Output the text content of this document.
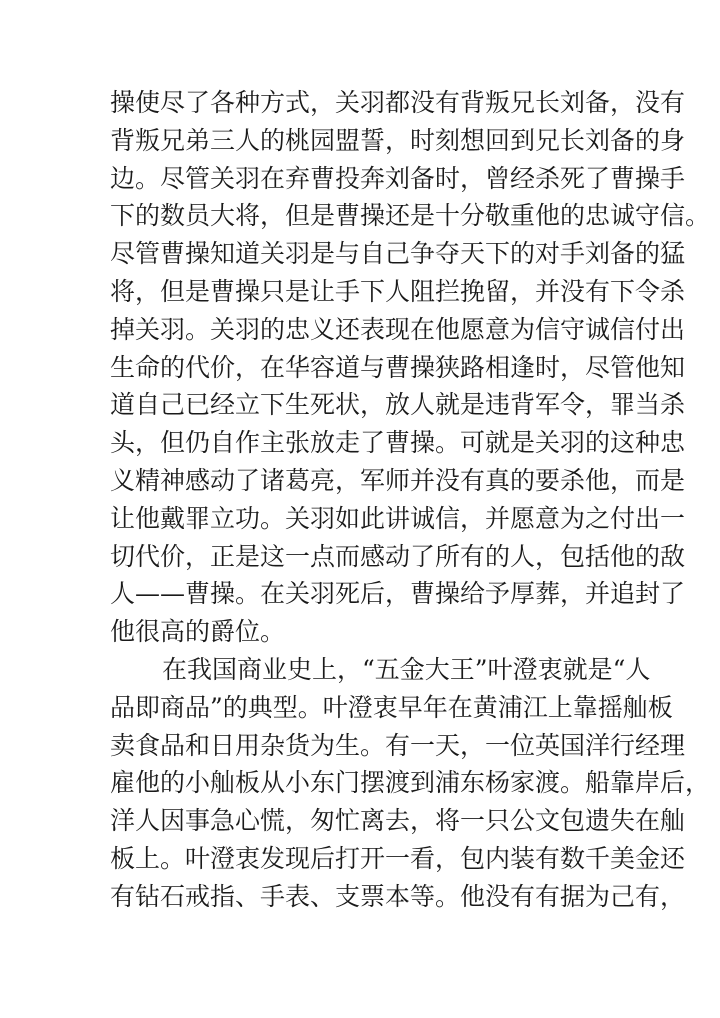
操使尽了各种方式，关羽都没有背叛兄长刘备，没有
背叛兄弟三人的桃园盟誓，时刻想回到兄长刘备的身
边。尽管关羽在弃曹投奔刘备时，曾经杀死了曹操手
下的数员大将，但是曹操还是十分敬重他的忠诚守信。
尽管曹操知道关羽是与自己争夺天下的对手刘备的猛
将，但是曹操只是让手下人阻拦挽留，并没有下令杀
掉关羽。关羽的忠义还表现在他愿意为信守诚信付出
生命的代价，在华容道与曹操狭路相逢时，尽管他知
道自己已经立下生死状，放人就是违背军令，罪当杀
头，但仍自作主张放走了曹操。可就是关羽的这种忠
义精神感动了诸葛亮，军师并没有真的要杀他，而是
让他戴罪立功。关羽如此讲诚信，并愿意为之付出一
切代价，正是这一点而感动了所有的人，包括他的敌
人——曹操。在关羽死后，曹操给予厚葬，并追封了
他很高的爵位。
在我国商业史上，“五金大王”叶澄衷就是“人
品即商品”的典型。叶澄衷早年在黄浦江上靠摇舢板
卖食品和日用杂货为生。有一天，一位英国洋行经理
雇他的小舢板从小东门摆渡到浦东杨家渡。船靠岸后，
洋人因事急心慌，匆忙离去，将一只公文包遗失在舢
板上。叶澄衷发现后打开一看，包内装有数千美金还
有钻石戒指、手表、支票本等。他没有有据为己有，
